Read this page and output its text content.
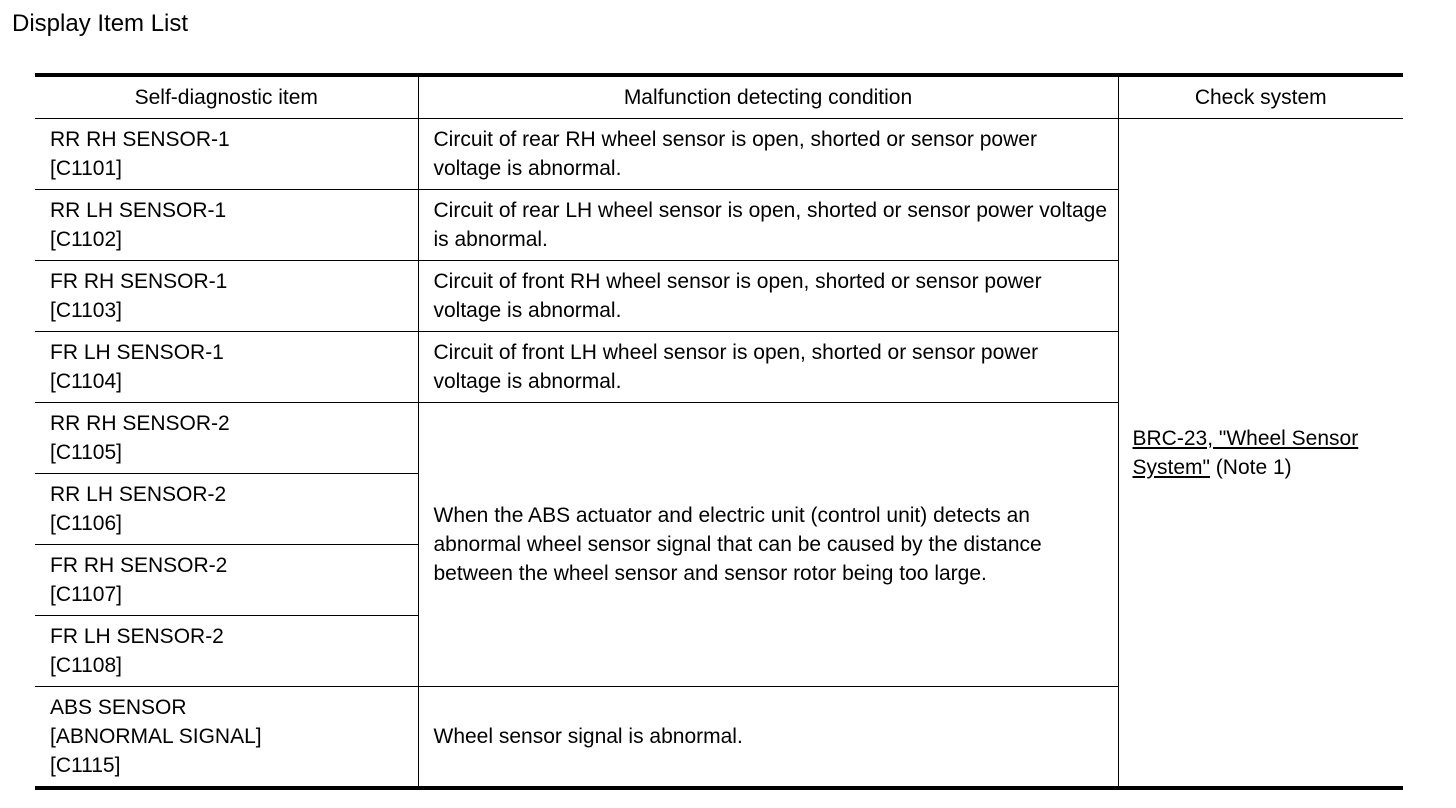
Display Item List
Self-diagnostic item	Malfunction detecting condition	Check system

RR RH SENSOR-1
[C1101]	Circuit of rear RH wheel sensor is open, shorted or sensor power voltage is abnormal.	BRC-23, "Wheel Sensor System" (Note 1)

RR LH SENSOR-1
[C1102]	Circuit of rear LH wheel sensor is open, shorted or sensor power voltage is abnormal.	

FR RH SENSOR-1
[C1103]	Circuit of front RH wheel sensor is open, shorted or sensor power voltage is abnormal.	

FR LH SENSOR-1
[C1104]	Circuit of front LH wheel sensor is open, shorted or sensor power voltage is abnormal.	

RR RH SENSOR-2
[C1105]	When the ABS actuator and electric unit (control unit) detects an abnormal wheel sensor signal that can be caused by the distance between the wheel sensor and sensor rotor being too large.	

RR LH SENSOR-2
[C1106]		

FR RH SENSOR-2
[C1107]		

FR LH SENSOR-2
[C1108]		

ABS SENSOR
[ABNORMAL SIGNAL]
[C1115]	Wheel sensor signal is abnormal.	
